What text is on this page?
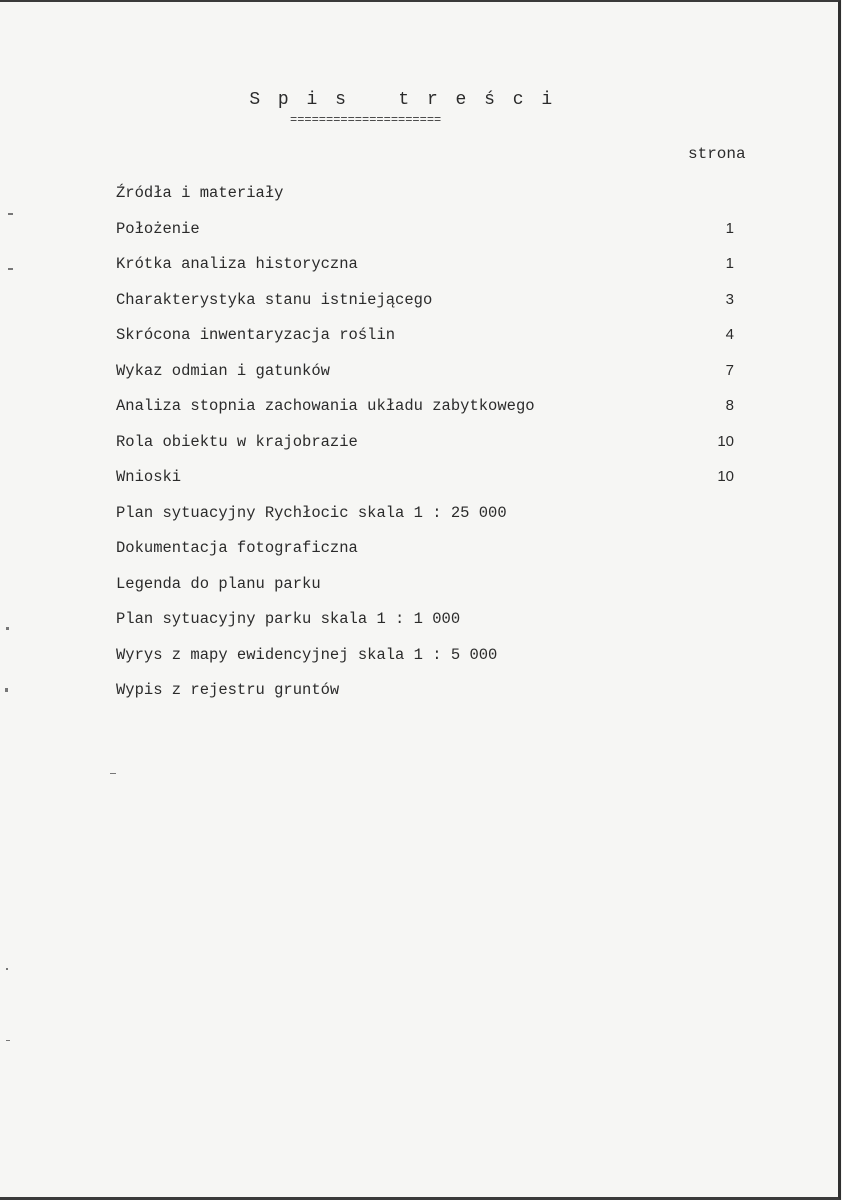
S p i s   t r e ś c i
=====================
strona
Źródła i materiały
Położenie	1
Krótka analiza historyczna	1
Charakterystyka stanu istniejącego	3
Skrócona inwentaryzacja roślin	4
Wykaz odmian i gatunków	7
Analiza stopnia zachowania układu zabytkowego	8
Rola obiektu w krajobrazie	10
Wnioski	10
Plan sytuacyjny Rychłocic skala 1 : 25 000
Dokumentacja fotograficzna
Legenda do planu parku
Plan sytuacyjny parku skala 1 : 1 000
Wyrys z mapy ewidencyjnej skala 1 : 5 000
Wypis z rejestru gruntów
